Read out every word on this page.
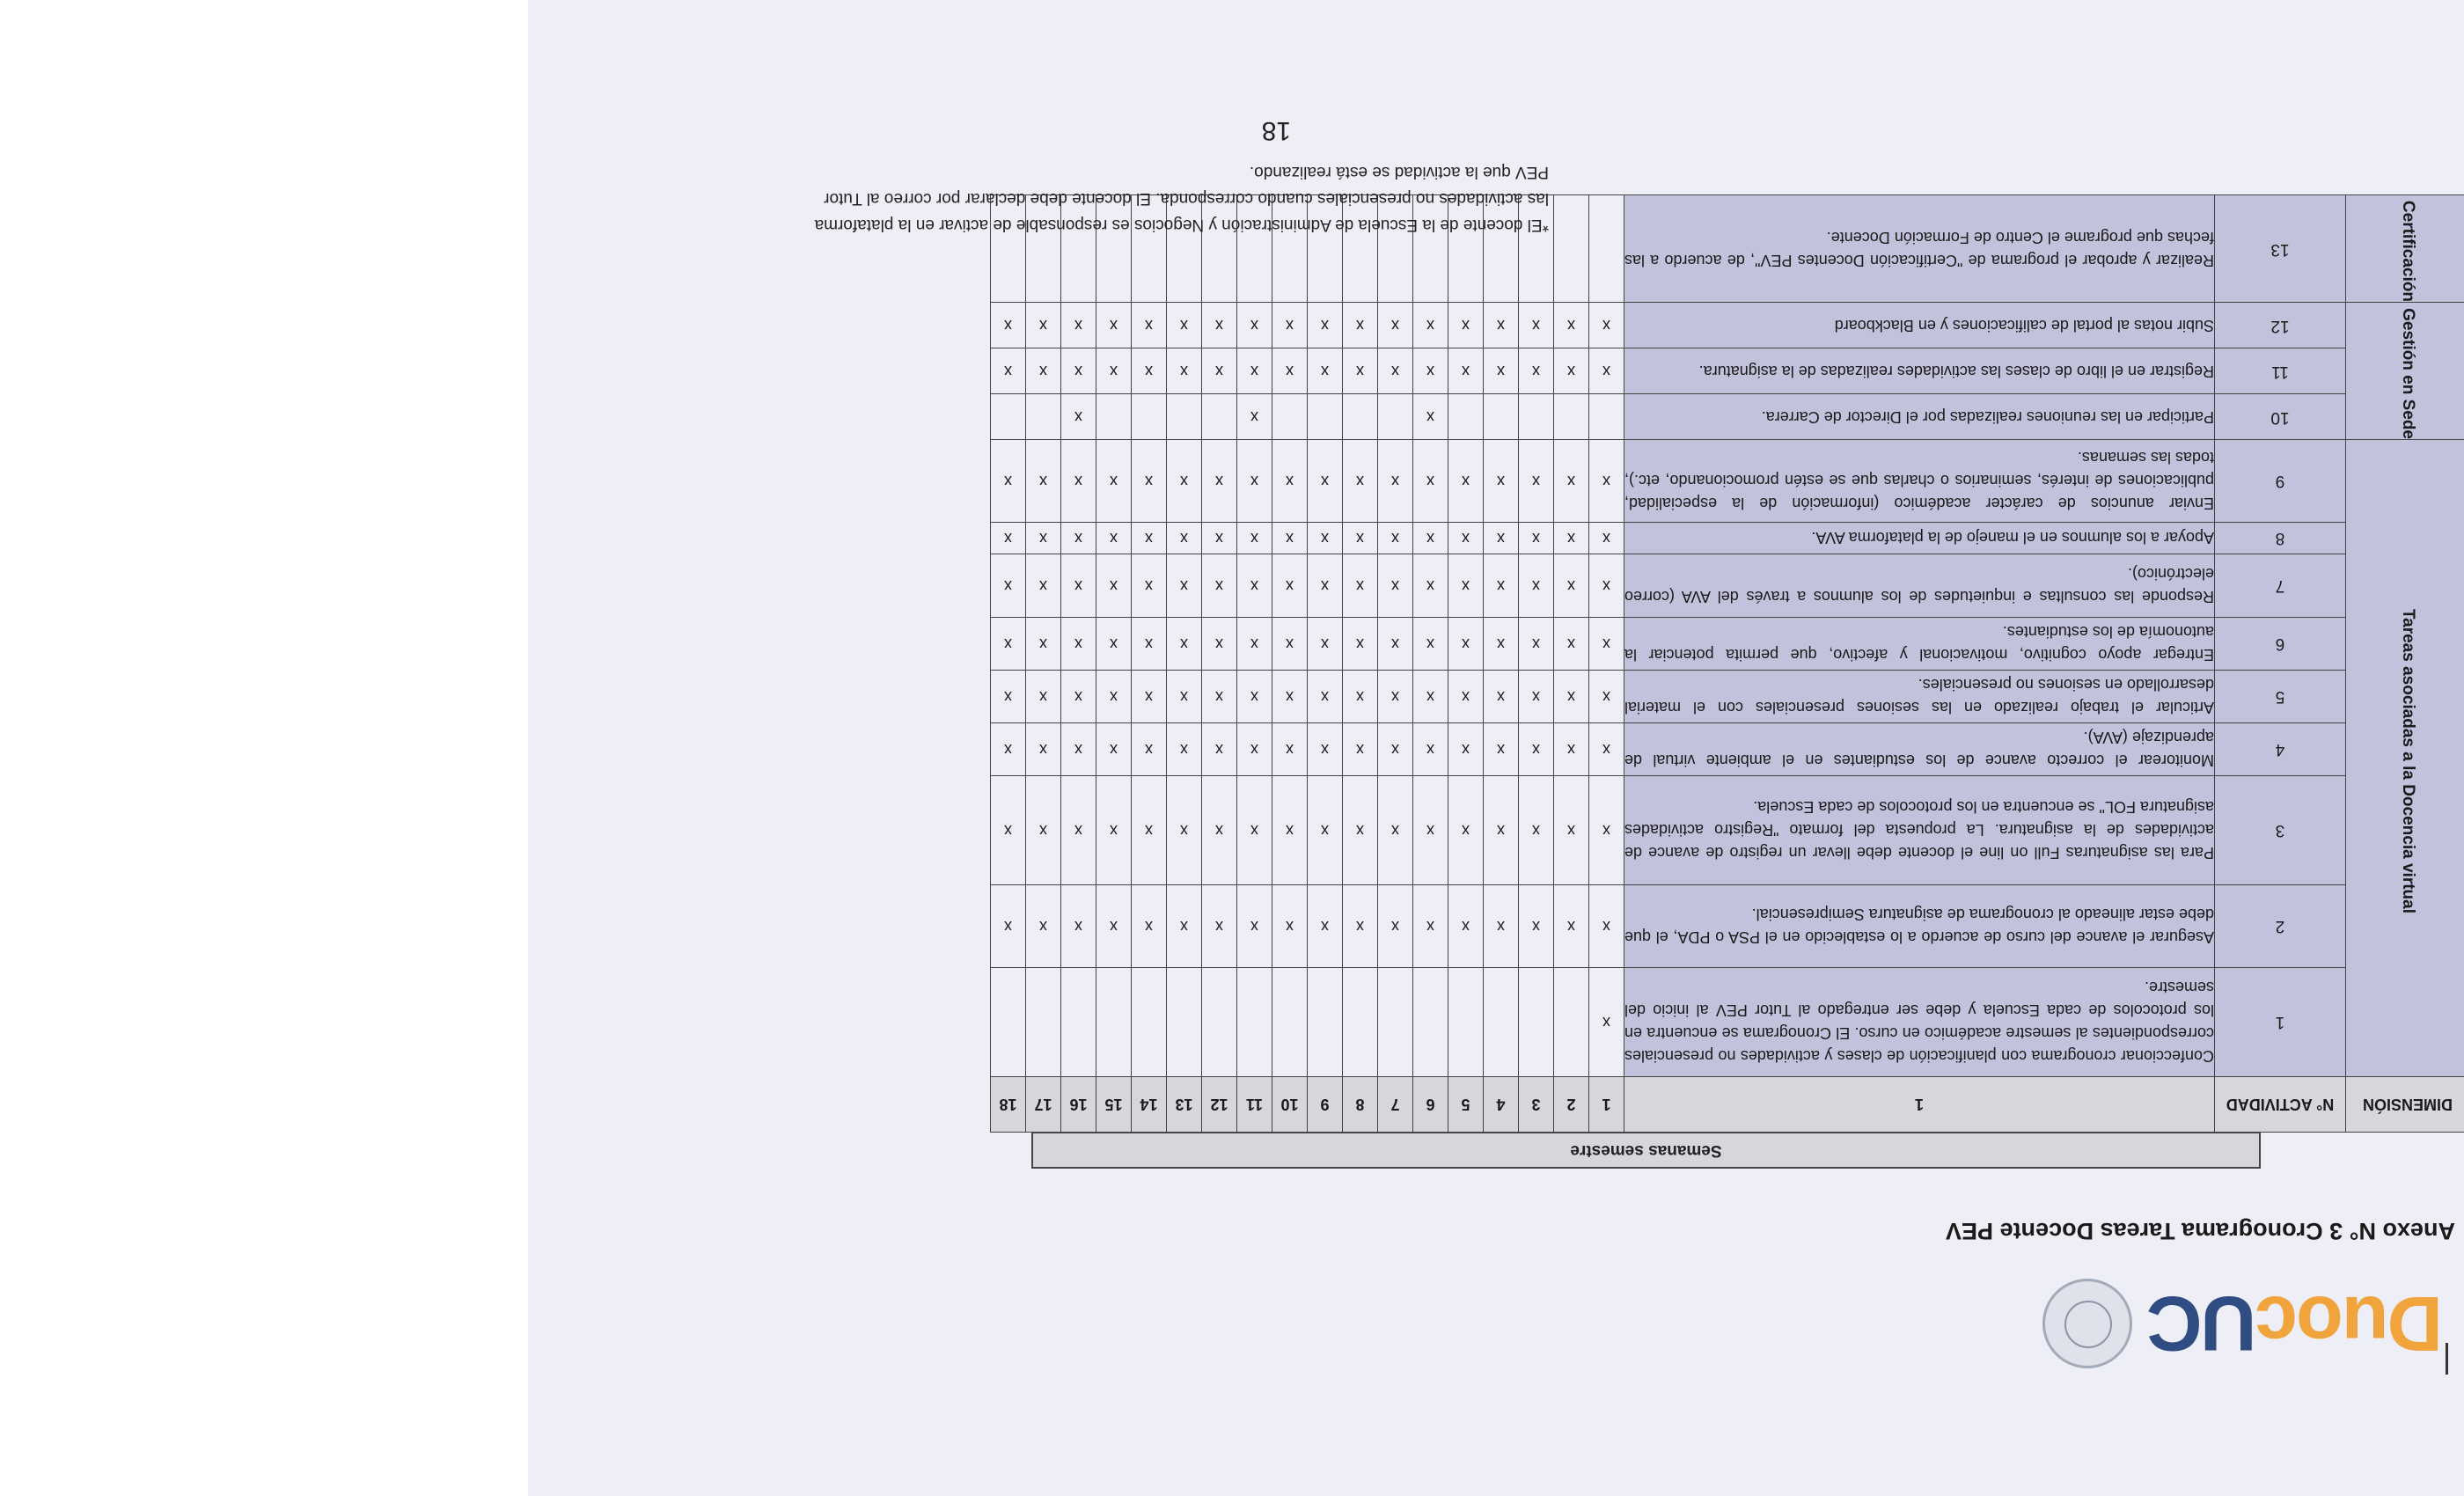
Duoc
UC
Anexo N° 3 Cronograma Tareas Docente PEV
Semanas semestre
DIMENSIÓN	N° ACTIVIDAD	1	1	2	3	4	5	6	7	8	9	10	11	12	13	14	15	16	17	18
Tareas asociadas a la Docencia virtual	1	Confeccionar cronograma con planificación de clases y actividades no presenciales correspondientes al semestre académico en curso. El Cronograma se encuentra en los protocolos de cada Escuela y debe ser entregado al Tutor PEV al inicio del semestre.	x																	
	2	Asegurar el avance del curso de acuerdo a lo establecido en el PSA o PDA, el que debe estar alineado al cronograma de asignatura Semipresencial.	x	x	x	x	x	x	x	x	x	x	x	x	x	x	x	x	x	x
	3	Para las asignaturas Full on line el docente debe llevar un registro de avance de actividades de la asignatura. La propuesta del formato "Registro actividades asignatura FOL" se encuentra en los protocolos de cada Escuela.	x	x	x	x	x	x	x	x	x	x	x	x	x	x	x	x	x	x
	4	Monitorear el correcto avance de los estudiantes en el ambiente virtual de aprendizaje (AVA).	x	x	x	x	x	x	x	x	x	x	x	x	x	x	x	x	x	x
	5	Articular el trabajo realizado en las sesiones presenciales con el material desarrollado en sesiones no presenciales.	x	x	x	x	x	x	x	x	x	x	x	x	x	x	x	x	x	x
	6	Entregar apoyo cognitivo, motivacional y afectivo, que permita potenciar la autonomía de los estudiantes.	x	x	x	x	x	x	x	x	x	x	x	x	x	x	x	x	x	x
	7	Responde las consultas e inquietudes de los alumnos a través del AVA (correo electrónico).	x	x	x	x	x	x	x	x	x	x	x	x	x	x	x	x	x	x
	8	Apoyar a los alumnos en el manejo de la plataforma AVA.	x	x	x	x	x	x	x	x	x	x	x	x	x	x	x	x	x	x
	9	Enviar anuncios de carácter académico (información de la especialidad, publicaciones de interés, seminarios o charlas que se estén promocionando, etc.), todas las semanas.	x	x	x	x	x	x	x	x	x	x	x	x	x	x	x	x	x	x
Gestión en Sede	10	Participar en las reuniones realizadas por el Director de Carrera.						x					x					x		
	11	Registrar en el libro de clases las actividades realizadas de la asignatura.	x	x	x	x	x	x	x	x	x	x	x	x	x	x	x	x	x	x
	12	Subir notas al portal de calificaciones y en Blackboard	x	x	x	x	x	x	x	x	x	x	x	x	x	x	x	x	x	x
Certificación	13	Realizar y aprobar el programa de "Certificación Docentes PEV", de acuerdo a las fechas que programe el Centro de Formación Docente.																		
*El docente de la Escuela de Administración y Negocios es responsable de activar en la plataforma las actividades no presenciales cuando corresponda. El docente debe declarar por correo al Tutor
PEV que la actividad se está realizando.
18
